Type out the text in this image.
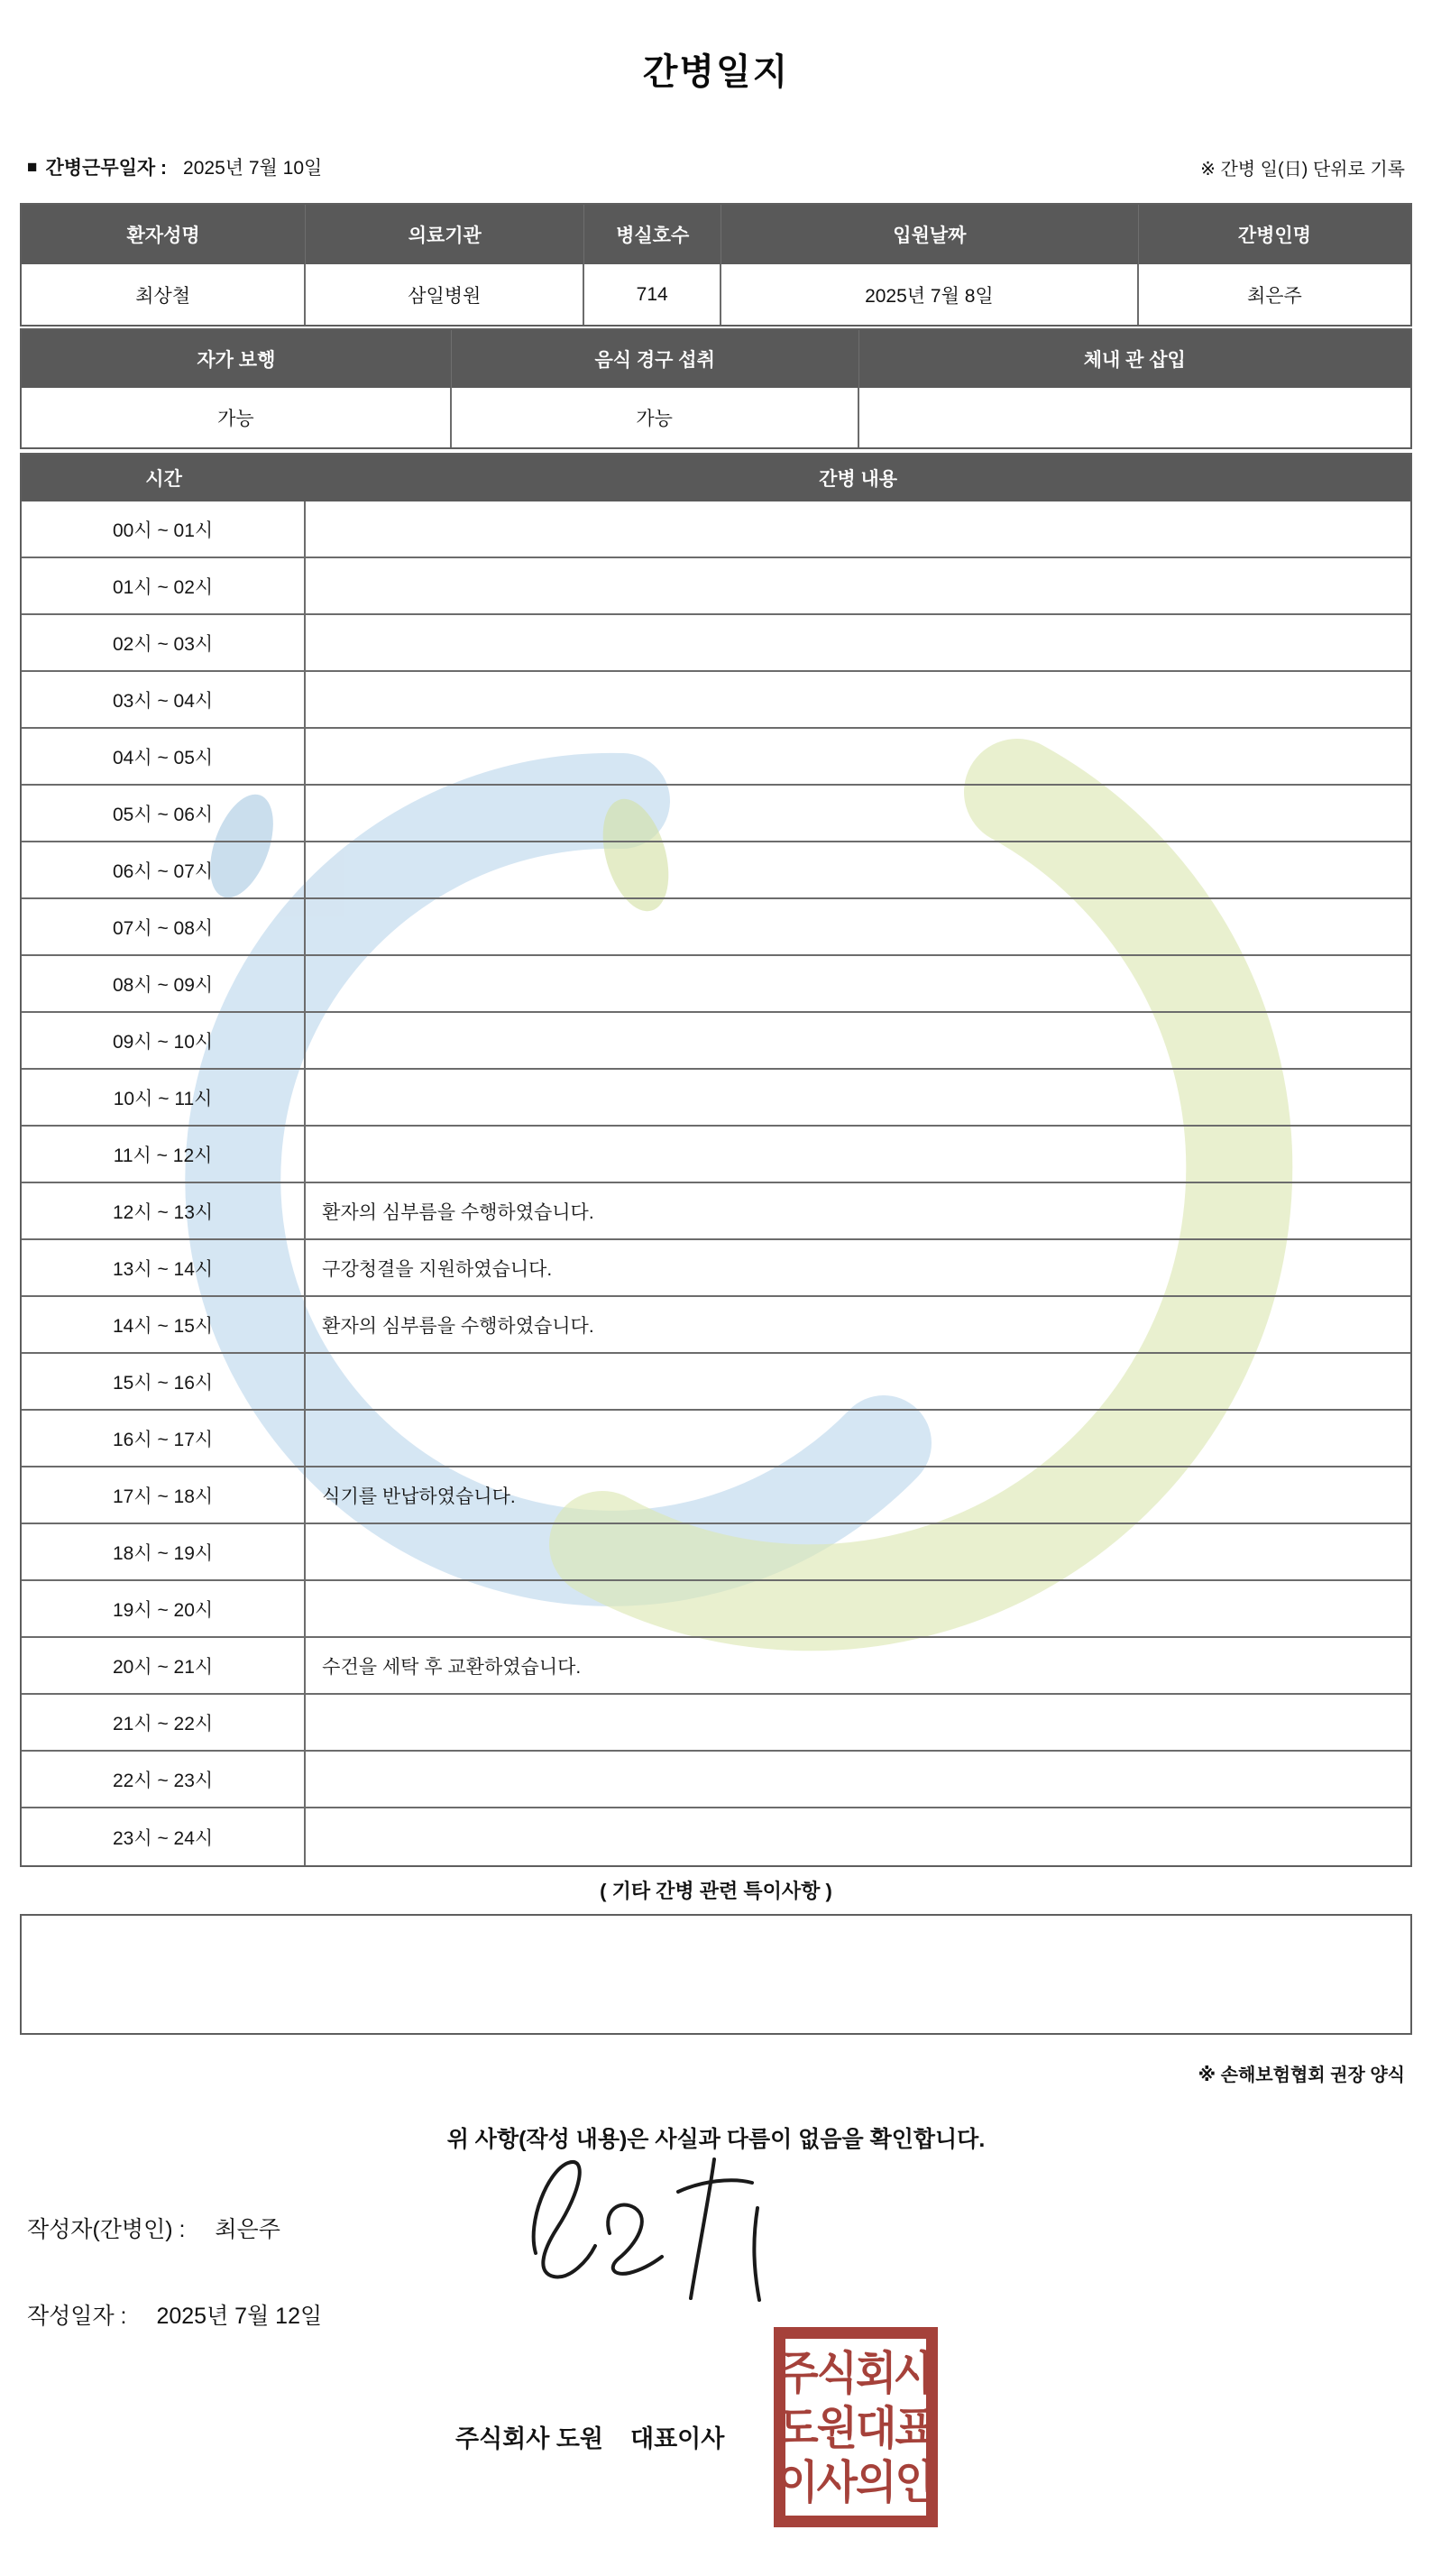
간병일지
■ 간병근무일자 : 2025년 7월 10일	※ 간병 일(日) 단위로 기록
환자성명	의료기관	병실호수	입원날짜	간병인명
최상철	삼일병원	714	2025년 7월 8일	최은주
자가 보행	음식 경구 섭취	체내 관 삽입
가능	가능
시간	간병 내용
00시 ~ 01시
01시 ~ 02시
02시 ~ 03시
03시 ~ 04시
04시 ~ 05시
05시 ~ 06시
06시 ~ 07시
07시 ~ 08시
08시 ~ 09시
09시 ~ 10시
10시 ~ 11시
11시 ~ 12시
12시 ~ 13시	환자의 심부름을 수행하였습니다.
13시 ~ 14시	구강청결을 지원하였습니다.
14시 ~ 15시	환자의 심부름을 수행하였습니다.
15시 ~ 16시
16시 ~ 17시
17시 ~ 18시	식기를 반납하였습니다.
18시 ~ 19시
19시 ~ 20시
20시 ~ 21시	수건을 세탁 후 교환하였습니다.
21시 ~ 22시
22시 ~ 23시
23시 ~ 24시
( 기타 간병 관련 특이사항 )
※ 손해보험협회 권장 양식
위 사항(작성 내용)은 사실과 다름이 없음을 확인합니다.
작성자(간병인) : 최은주
작성일자 : 2025년 7월 12일
주식회사 도원    대표이사
주식회사
도원대표
이사의인
